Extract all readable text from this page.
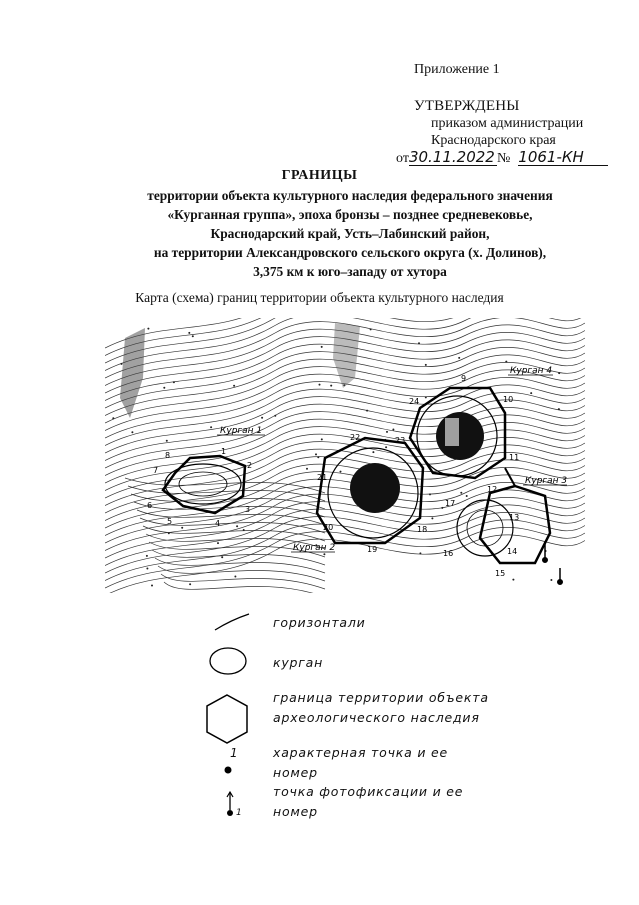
Приложение 1
УТВЕРЖДЕНЫ
приказом администрации
Краснодарского края
от30.11.2022 № 1061-КН
ГРАНИЦЫ
территории объекта культурного наследия федерального значения
«Курганная группа», эпоха бронзы – позднее средневековье,
Краснодарский край, Усть–Лабинский район,
на территории Александровского сельского округа (х. Долинов),
3,375 км к юго–западу от хутора
Карта (схема) границ территории объекта культурного наследия
Курган 1
Курган 2
Курган 3
Курган 4
1
2
3
4
5
6
7
8
9
10
11
12
13
14
15
16
17
18
19
20
21
22	23
24
горизонтали
курган
граница территории объекта
археологического наследия
1	характерная точка и ее
номер
1
точка фотофиксации и ее
номер
